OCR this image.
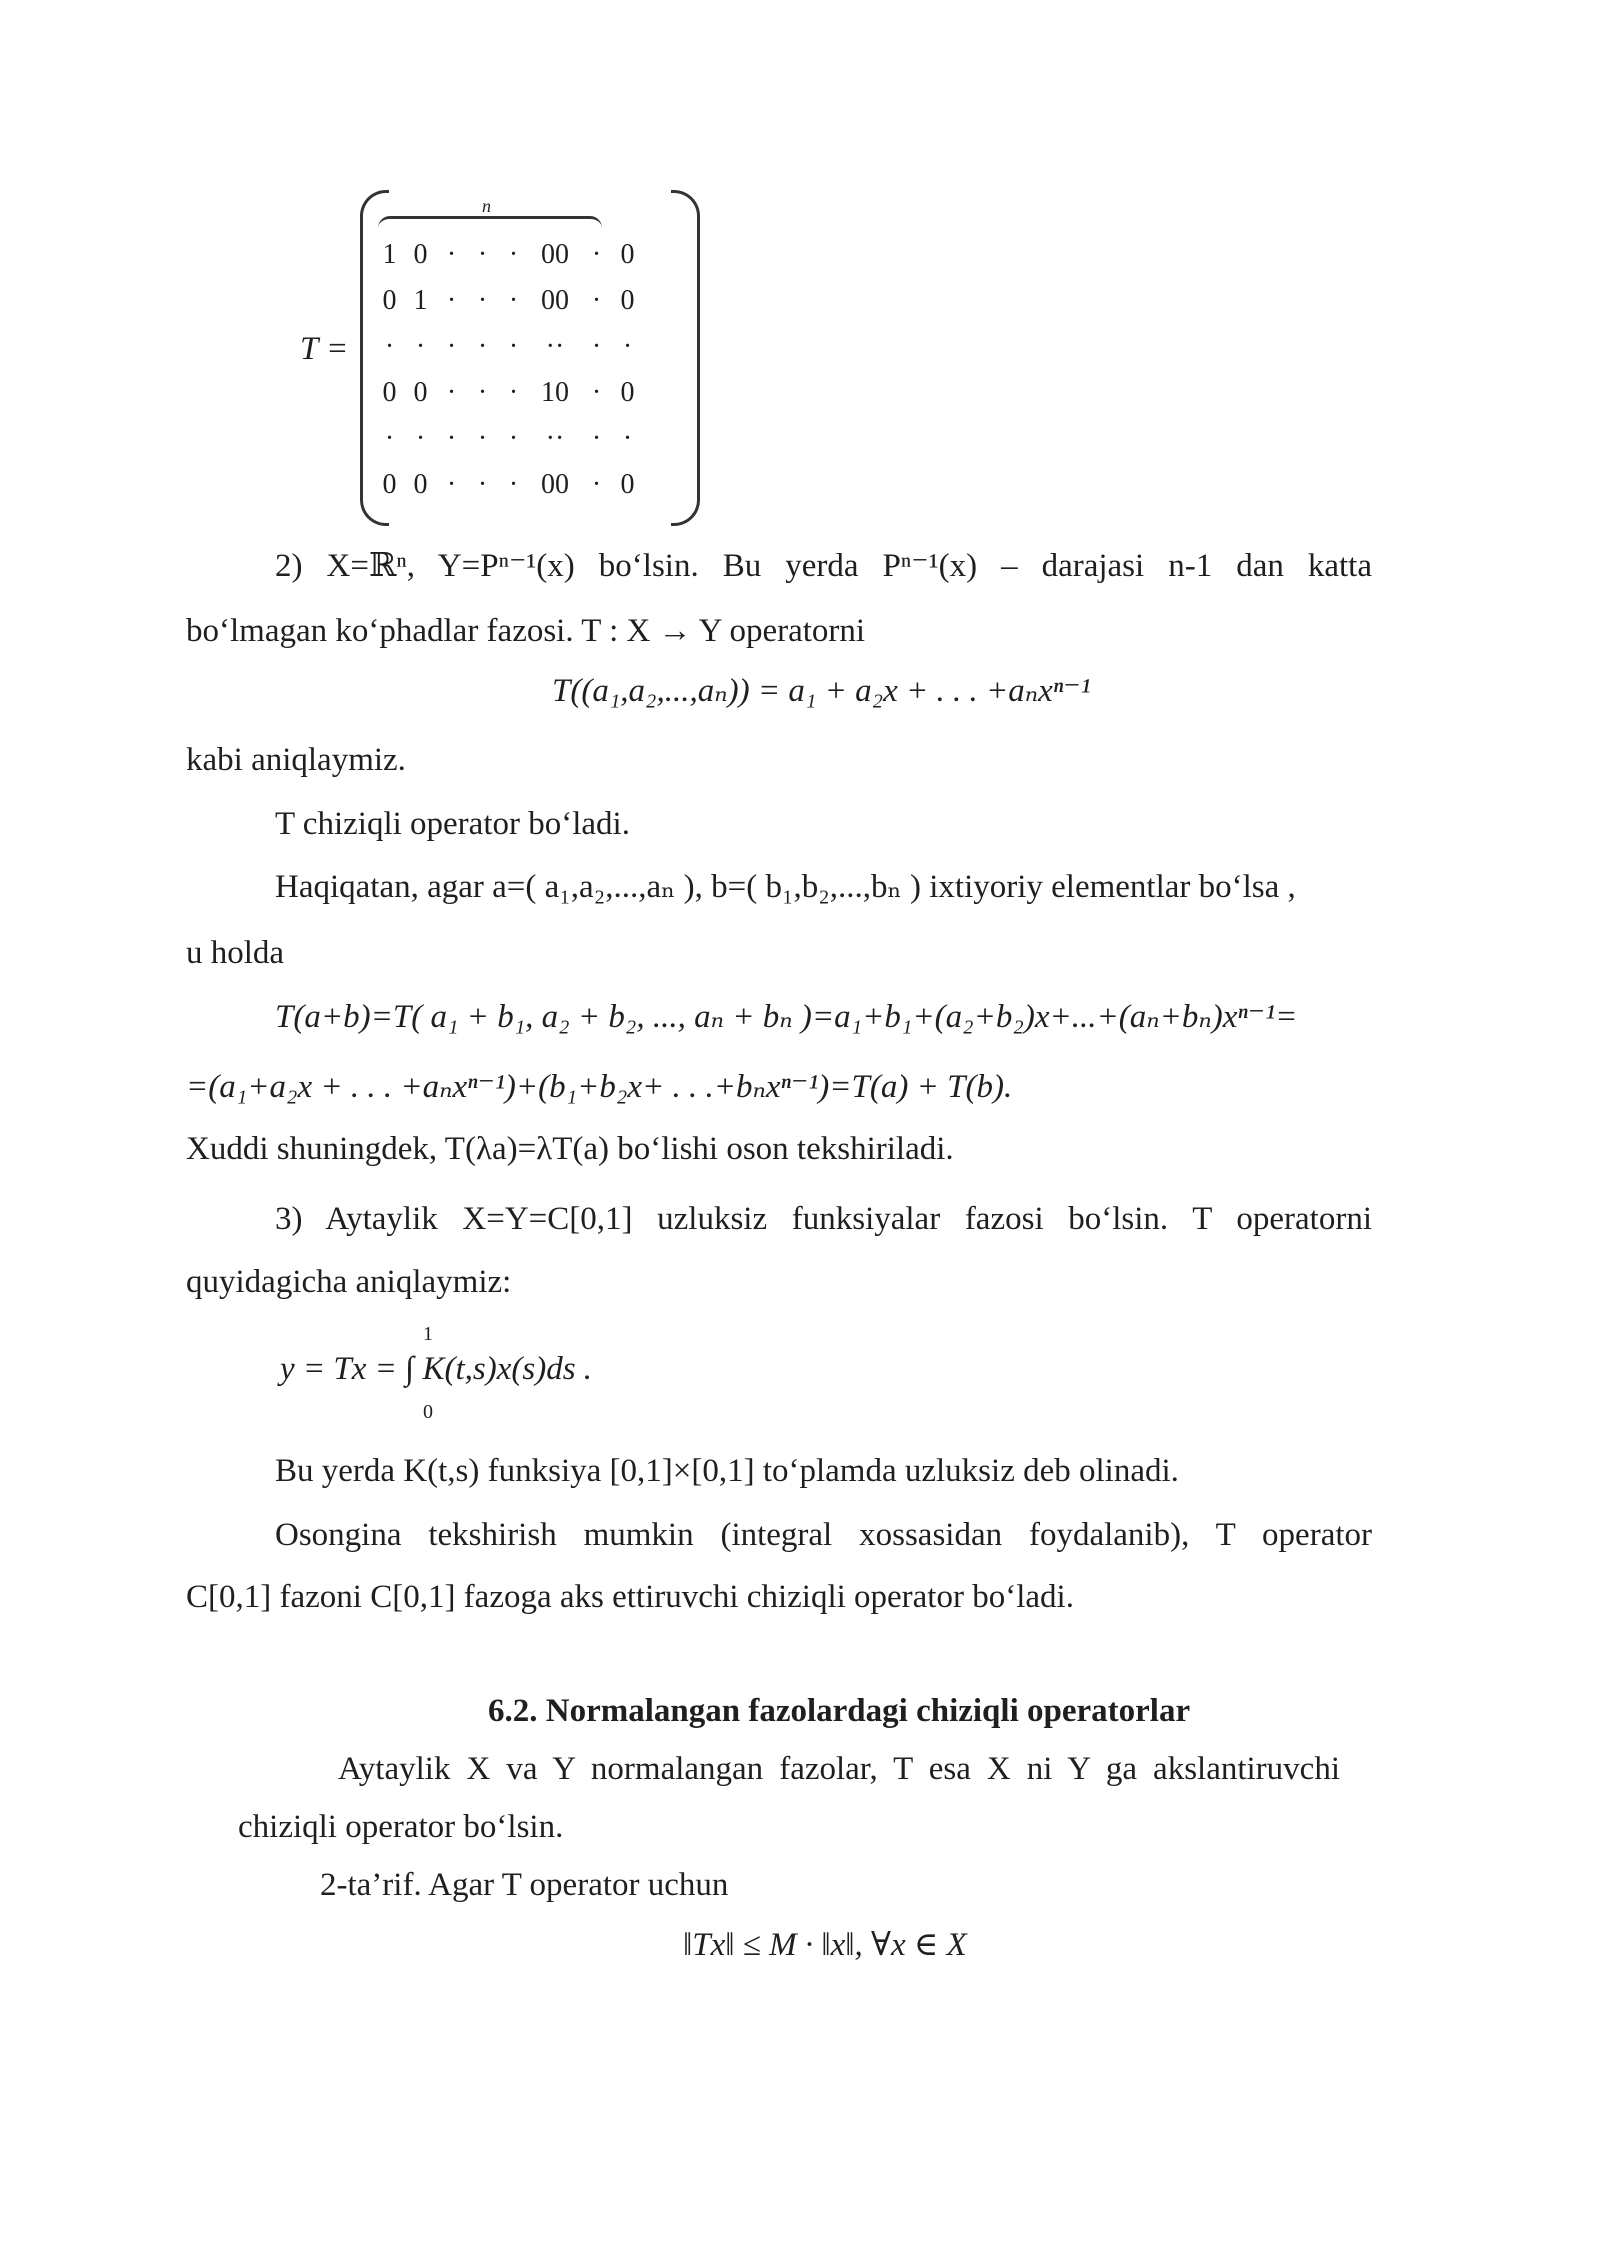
n
1	0	·	·	·	00	·	0
0	1	·	·	·	00	·	0
·	·	·	·	·	··	·	·
0	0	·	·	·	10	·	0
·	·	·	·	·	··	·	·
0	0	·	·	·	00	·	0
T =
2) X=ℝⁿ, Y=Pⁿ⁻¹(x) bo‘lsin. Bu yerda Pⁿ⁻¹(x) – darajasi n-1 dan katta
bo‘lmagan ko‘phadlar fazosi. T : X → Y operatorni
T((a₁,a₂,...,aₙ)) = a₁ + a₂x + . . . +aₙxⁿ⁻¹
kabi aniqlaymiz.
T chiziqli operator bo‘ladi.
Haqiqatan, agar a=( a₁,a₂,...,aₙ ), b=( b₁,b₂,...,bₙ ) ixtiyoriy elementlar bo‘lsa ,
u holda
T(a+b)=T( a₁ + b₁, a₂ + b₂, ..., aₙ + bₙ )=a₁+b₁+(a₂+b₂)x+...+(aₙ+bₙ)xⁿ⁻¹=
=(a₁+a₂x + . . . +aₙxⁿ⁻¹)+(b₁+b₂x+ . . .+bₙxⁿ⁻¹)=T(a) + T(b).
Xuddi shuningdek, T(λa)=λT(a) bo‘lishi oson tekshiriladi.
3) Aytaylik X=Y=C[0,1] uzluksiz funksiyalar fazosi bo‘lsin. T operatorni
quyidagicha aniqlaymiz:
1
y = Tx = ∫ K(t,s)x(s)ds .
0
Bu yerda K(t,s) funksiya [0,1]×[0,1] to‘plamda uzluksiz deb olinadi.
Osongina tekshirish mumkin (integral xossasidan foydalanib), T operator
C[0,1] fazoni C[0,1] fazoga aks ettiruvchi chiziqli operator bo‘ladi.
6.2. Normalangan fazolardagi chiziqli operatorlar
Aytaylik X va Y normalangan fazolar, T esa X ni Y ga akslantiruvchi
chiziqli operator bo‘lsin.
2-ta’rif. Agar T operator uchun
‖Tx‖ ≤ M · ‖x‖, ∀x ∈ X
